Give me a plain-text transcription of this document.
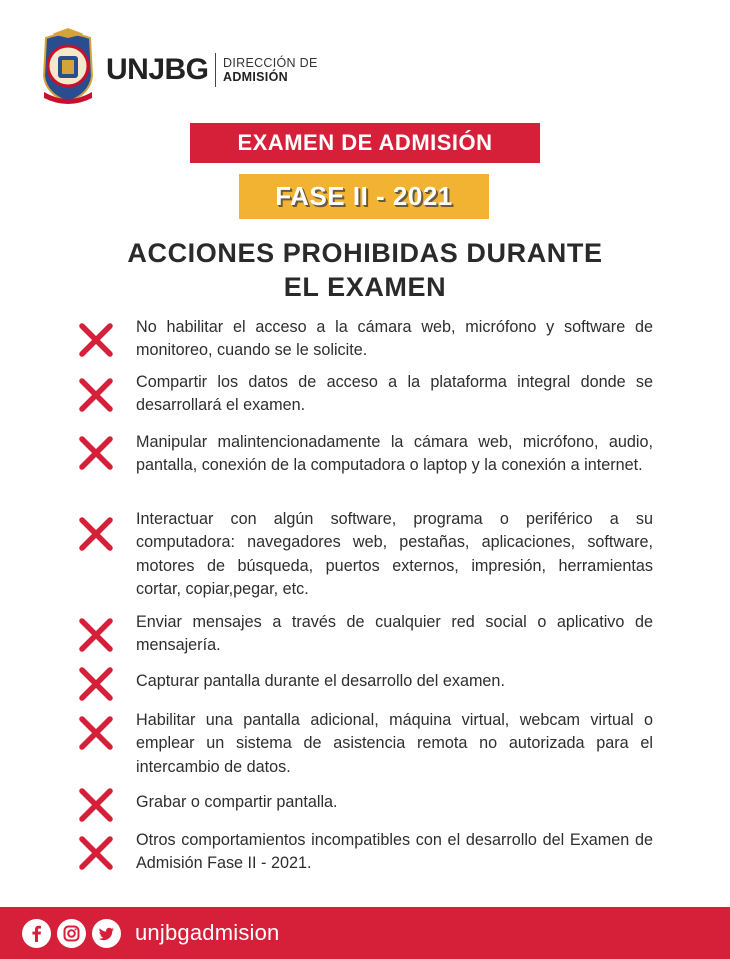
UNJBG DIRECCIÓN DE
ADMISIÓN
EXAMEN DE ADMISIÓN
FASE II - 2021
ACCIONES PROHIBIDAS DURANTE
EL EXAMEN
No habilitar el acceso a la cámara web, micrófono y software de monitoreo, cuando se le solicite.
Compartir los datos de acceso a la plataforma integral donde se desarrollará el examen.
Manipular malintencionadamente la cámara web, micrófono, audio, pantalla, conexión de la computadora o laptop y la conexión a internet.
Interactuar con algún software, programa o periférico a su computadora: navegadores web, pestañas, aplicaciones, software, motores de búsqueda, puertos externos, impresión, herramientas cortar, copiar,pegar, etc.
Enviar mensajes a través de cualquier red social o aplicativo de mensajería.
Capturar pantalla durante el desarrollo del examen.
Habilitar una pantalla adicional, máquina virtual, webcam virtual o emplear un sistema de asistencia remota no autorizada para el intercambio de datos.
Grabar o compartir pantalla.
Otros comportamientos incompatibles con el desarrollo del Examen de Admisión Fase II - 2021.
unjbgadmision
